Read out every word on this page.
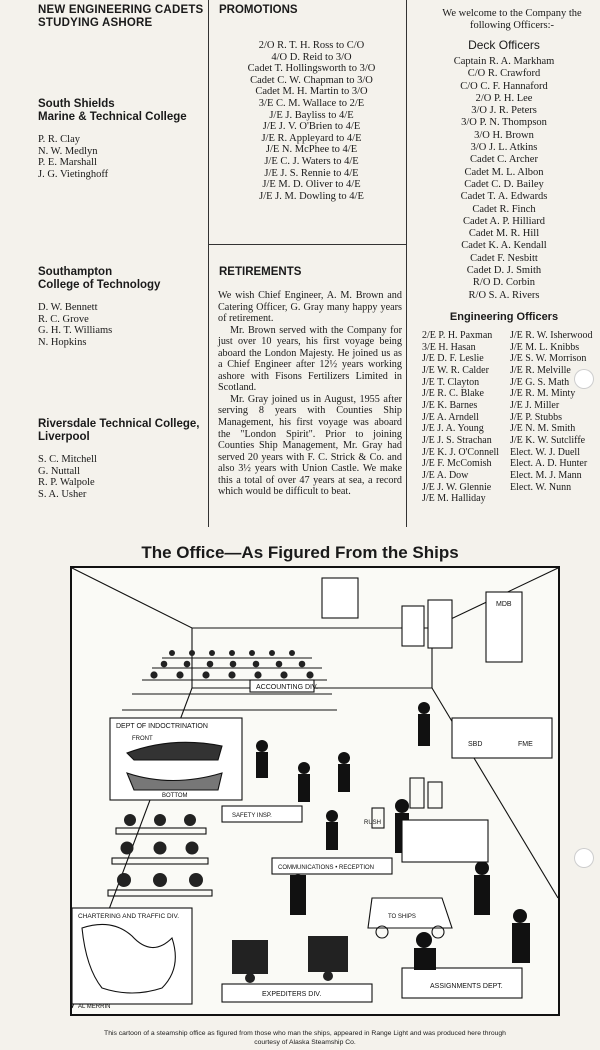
NEW ENGINEERING CADETS
STUDYING ASHORE
South Shields
Marine & Technical College
P. R. Clay
N. W. Medlyn
P. E. Marshall
J. G. Vietinghoff
Southampton
College of Technology
D. W. Bennett
R. C. Grove
G. H. T. Williams
N. Hopkins
Riversdale Technical College,
Liverpool
S. C. Mitchell
G. Nuttall
R. P. Walpole
S. A. Usher
PROMOTIONS
2/O R. T. H. Ross to C/O
4/O D. Reid to 3/O
Cadet T. Hollingsworth to 3/O
Cadet C. W. Chapman to 3/O
Cadet M. H. Martin to 3/O
3/E C. M. Wallace to 2/E
J/E J. Bayliss to 4/E
J/E J. V. O'Brien to 4/E
J/E R. Appleyard to 4/E
J/E N. McPhee to 4/E
J/E C. J. Waters to 4/E
J/E J. S. Rennie to 4/E
J/E M. D. Oliver to 4/E
J/E J. M. Dowling to 4/E
RETIREMENTS

We wish Chief Engineer, A. M. Brown and Catering Officer, G. Gray many happy years of retirement.

Mr. Brown served with the Company for just over 10 years, his first voyage being aboard the London Majesty. He joined us as a Chief Engineer after 12½ years working ashore with Fisons Fertilizers Limited in Scotland.

Mr. Gray joined us in August, 1955 after serving 8 years with Counties Ship Management, his first voyage was aboard the "London Spirit". Prior to joining Counties Ship Management, Mr. Gray had served 20 years with F. C. Strick & Co. and also 3½ years with Union Castle. We make this a total of over 47 years at sea, a record which would be difficult to beat.

We welcome to the Company the following Officers:-
Deck Officers
Captain R. A. Markham
C/O R. Crawford
C/O C. F. Hannaford
2/O P. H. Lee
3/O J. R. Peters
3/O P. N. Thompson
3/O H. Brown
3/O J. L. Atkins
Cadet C. Archer
Cadet M. L. Albon
Cadet C. D. Bailey
Cadet T. A. Edwards
Cadet R. Finch
Cadet A. P. Hilliard
Cadet M. R. Hill
Cadet K. A. Kendall
Cadet F. Nesbitt
Cadet D. J. Smith
R/O D. Corbin
R/O S. A. Rivers
Engineering Officers
2/E P. H. Paxman
3/E H. Hasan
J/E D. F. Leslie
J/E W. R. Calder
J/E T. Clayton
J/E R. C. Blake
J/E K. Barnes
J/E A. Arndell
J/E J. A. Young
J/E J. S. Strachan
J/E K. J. O'Connell
J/E F. McComish
J/E A. Dow
J/E J. W. Glennie
J/E M. Halliday
J/E R. W. Isherwood
J/E M. L. Knibbs
J/E S. W. Morrison
J/E R. Melville
J/E G. S. Math
J/E R. M. Minty
J/E J. Miller
J/E P. Stubbs
J/E N. M. Smith
J/E K. W. Sutcliffe
Elect. W. J. Duell
Elect. A. D. Hunter
Elect. M. J. Mann
Elect. W. Nunn
The Office—As Figured From the Ships
ACCOUNTING DIV.
DEPT OF INDOCTRINATION
FRONT
BOTTOM
CHARTERING AND TRAFFIC DIV.
SAFETY INSP.
COMMUNICATIONS • RECEPTION
EXPEDITERS DIV.
ASSIGNMENTS DEPT.
TO SHIPS
MDB
SBD	FME
RUSH
AL MERRIN
This cartoon of a steamship office as figured from those who man the ships, appeared in Range Light and was produced here through
courtesy of Alaska Steamship Co.
